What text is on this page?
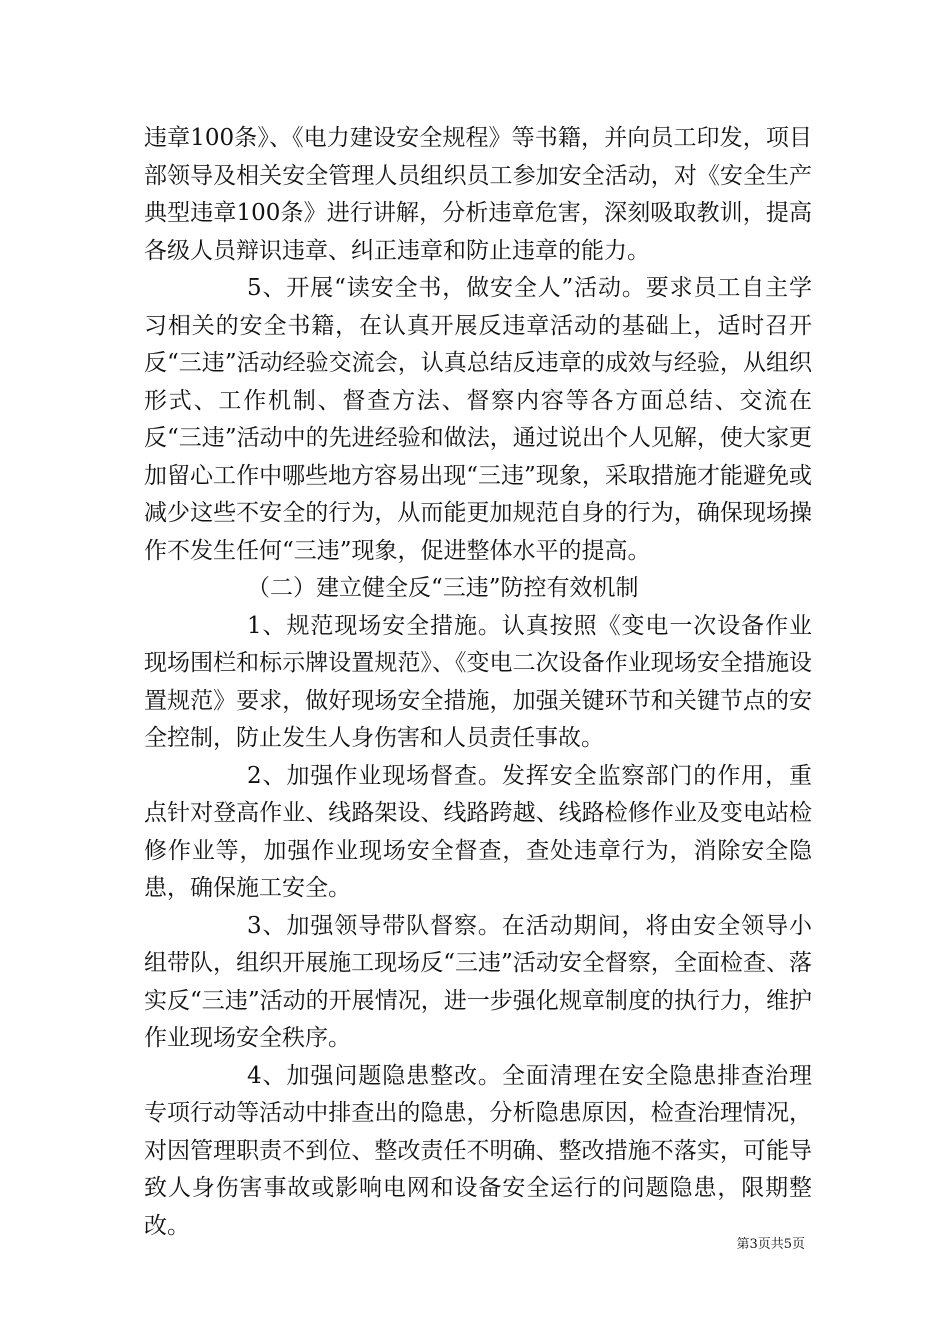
违章100条》、《电力建设安全规程》等书籍，并向员工印发，项目部领导及相关安全管理人员组织员工参加安全活动，对《安全生产典型违章100条》进行讲解，分析违章危害，深刻吸取教训，提高各级人员辩识违章、纠正违章和防止违章的能力。

5、开展“读安全书，做安全人”活动。要求员工自主学习相关的安全书籍，在认真开展反违章活动的基础上，适时召开反“三违”活动经验交流会，认真总结反违章的成效与经验，从组织形式、工作机制、督查方法、督察内容等各方面总结、交流在反“三违”活动中的先进经验和做法，通过说出个人见解，使大家更加留心工作中哪些地方容易出现“三违”现象，采取措施才能避免或减少这些不安全的行为，从而能更加规范自身的行为，确保现场操作不发生任何“三违”现象，促进整体水平的提高。

（二）建立健全反“三违”防控有效机制

1、规范现场安全措施。认真按照《变电一次设备作业现场围栏和标示牌设置规范》、《变电二次设备作业现场安全措施设置规范》要求，做好现场安全措施，加强关键环节和关键节点的安全控制，防止发生人身伤害和人员责任事故。

2、加强作业现场督查。发挥安全监察部门的作用，重点针对登高作业、线路架设、线路跨越、线路检修作业及变电站检修作业等，加强作业现场安全督查，查处违章行为，消除安全隐患，确保施工安全。

3、加强领导带队督察。在活动期间，将由安全领导小组带队，组织开展施工现场反“三违”活动安全督察，全面检查、落实反“三违”活动的开展情况，进一步强化规章制度的执行力，维护作业现场安全秩序。

4、加强问题隐患整改。全面清理在安全隐患排查治理专项行动等活动中排查出的隐患，分析隐患原因，检查治理情况，对因管理职责不到位、整改责任不明确、整改措施不落实，可能导致人身伤害事故或影响电网和设备安全运行的问题隐患，限期整改。

第3页共5页
